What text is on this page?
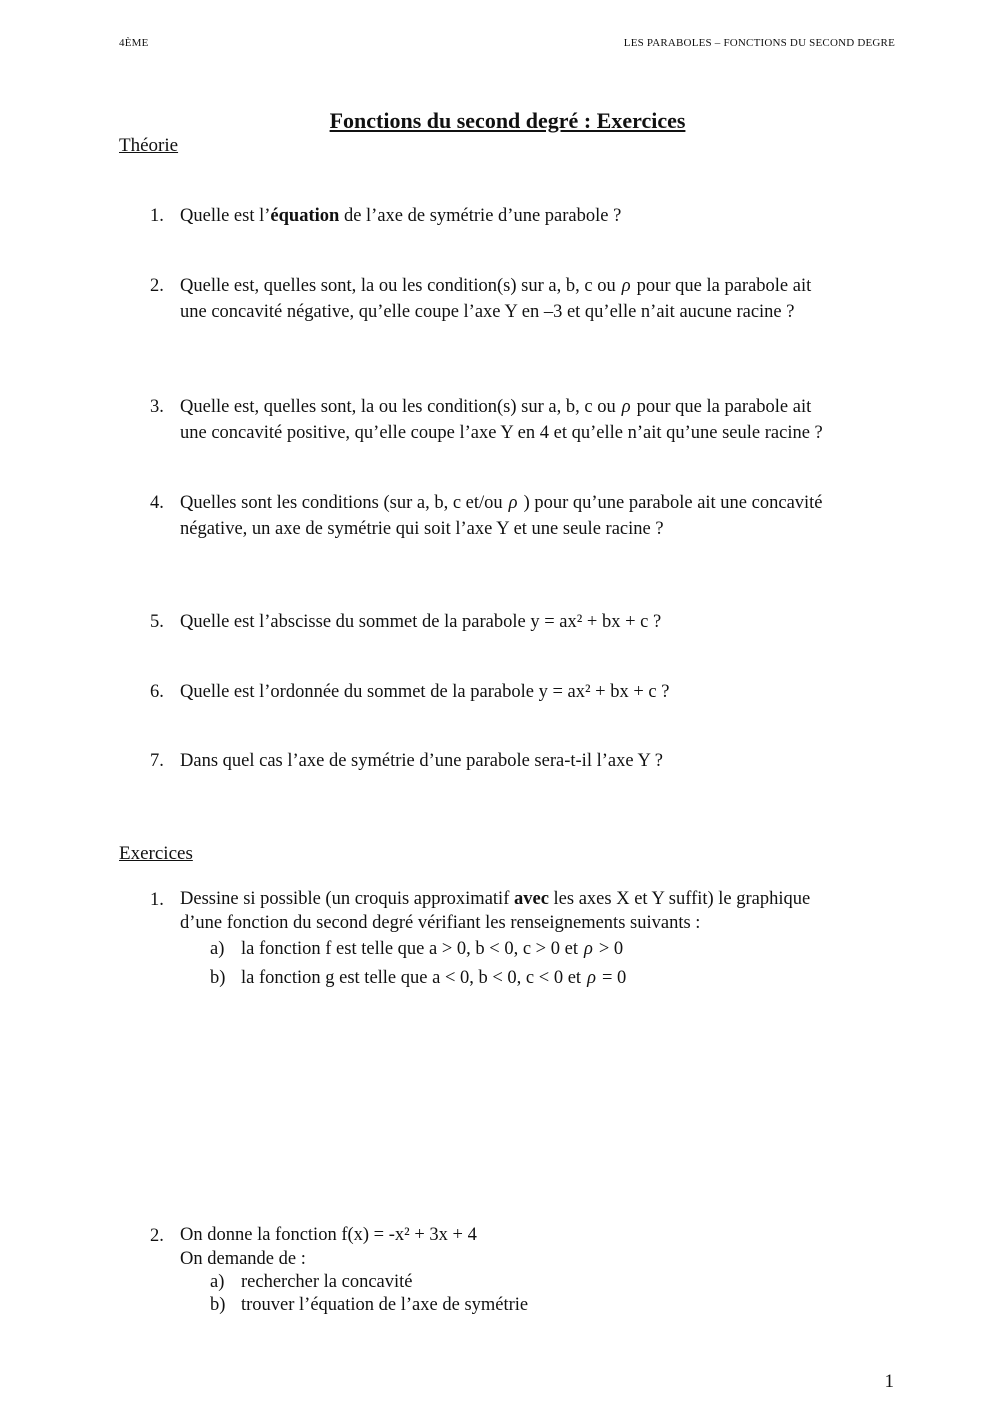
4ÈME	LES PARABOLES – FONCTIONS DU SECOND DEGRE
Fonctions du second degré : Exercices
Théorie
1. Quelle est l’équation de l’axe de symétrie d’une parabole ?
2. Quelle est, quelles sont, la ou les condition(s) sur a, b, c ou ρ pour que la parabole ait
une concavité négative, qu’elle coupe l’axe Y en –3 et qu’elle n’ait aucune racine ?
3. Quelle est, quelles sont, la ou les condition(s) sur a, b, c ou ρ pour que la parabole ait
une concavité positive, qu’elle coupe l’axe Y en 4 et qu’elle n’ait qu’une seule racine ?
4. Quelles sont les conditions (sur a, b, c et/ou ρ ) pour qu’une parabole ait une concavité
négative, un axe de symétrie qui soit l’axe Y et une seule racine ?
5. Quelle est l’abscisse du sommet de la parabole y = ax² + bx + c ?
6. Quelle est l’ordonnée du sommet de la parabole y = ax² + bx + c ?
7. Dans quel cas l’axe de symétrie d’une parabole sera-t-il l’axe Y ?
Exercices
1. Dessine si possible (un croquis approximatif avec les axes X et Y suffit) le graphique
d’une fonction du second degré vérifiant les renseignements suivants :
a) la fonction f est telle que a > 0, b < 0, c > 0 et ρ > 0
b) la fonction g est telle que a < 0, b < 0, c < 0 et ρ = 0
2. On donne la fonction f(x) = -x² + 3x + 4
On demande de :
a) rechercher la concavité
b) trouver l’équation de l’axe de symétrie
1
